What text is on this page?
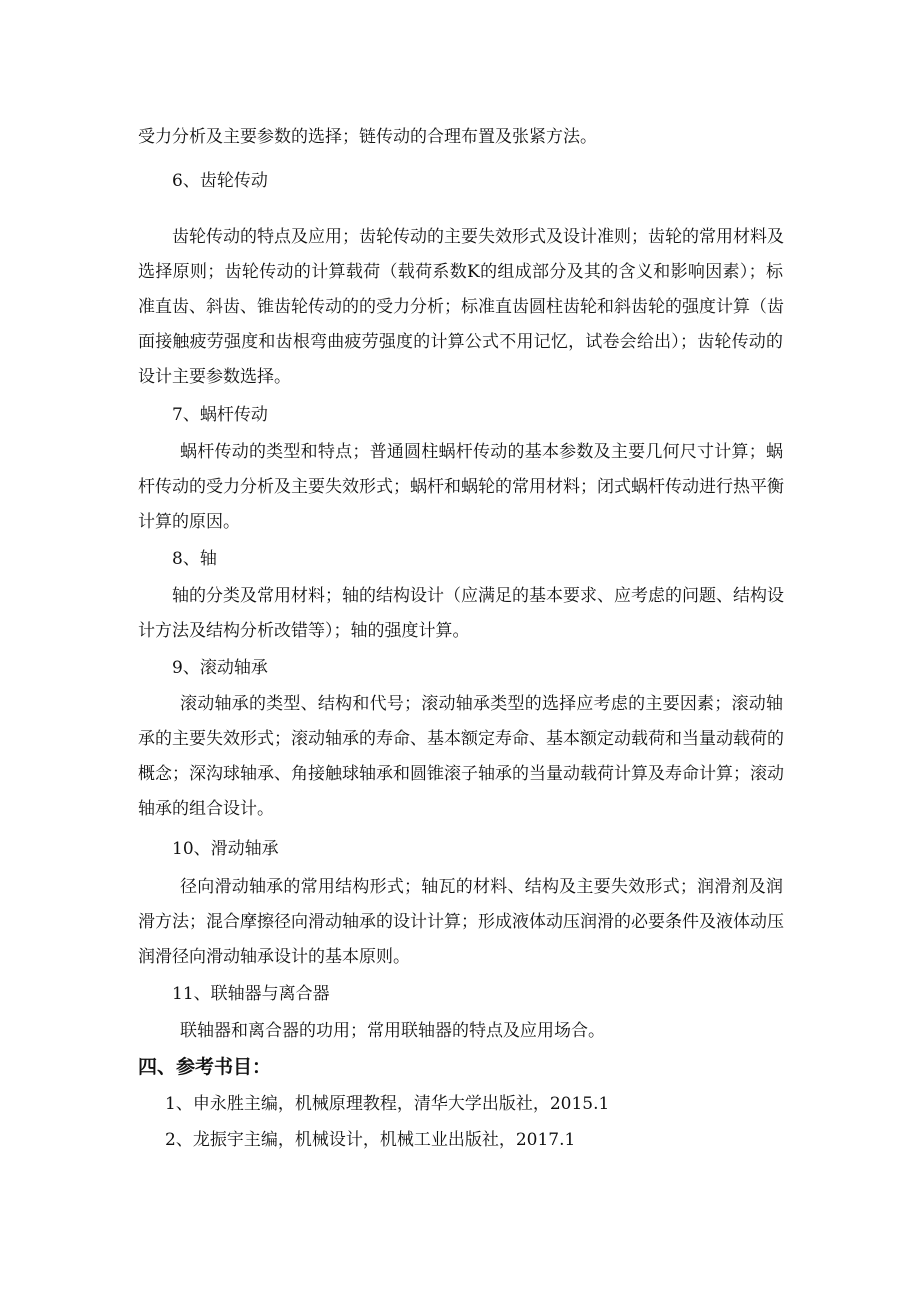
受力分析及主要参数的选择；链传动的合理布置及张紧方法。
6、齿轮传动
齿轮传动的特点及应用；齿轮传动的主要失效形式及设计准则；齿轮的常用材料及
选择原则；齿轮传动的计算载荷（载荷系数K的组成部分及其的含义和影响因素）；标
准直齿、斜齿、锥齿轮传动的的受力分析；标准直齿圆柱齿轮和斜齿轮的强度计算（齿
面接触疲劳强度和齿根弯曲疲劳强度的计算公式不用记忆，试卷会给出）；齿轮传动的
设计主要参数选择。
7、蜗杆传动
蜗杆传动的类型和特点；普通圆柱蜗杆传动的基本参数及主要几何尺寸计算；蜗
杆传动的受力分析及主要失效形式；蜗杆和蜗轮的常用材料；闭式蜗杆传动进行热平衡
计算的原因。
8、轴
轴的分类及常用材料；轴的结构设计（应满足的基本要求、应考虑的问题、结构设
计方法及结构分析改错等）；轴的强度计算。
9、滚动轴承
滚动轴承的类型、结构和代号；滚动轴承类型的选择应考虑的主要因素；滚动轴
承的主要失效形式；滚动轴承的寿命、基本额定寿命、基本额定动载荷和当量动载荷的
概念；深沟球轴承、角接触球轴承和圆锥滚子轴承的当量动载荷计算及寿命计算；滚动
轴承的组合设计。
10、滑动轴承
径向滑动轴承的常用结构形式；轴瓦的材料、结构及主要失效形式；润滑剂及润
滑方法；混合摩擦径向滑动轴承的设计计算；形成液体动压润滑的必要条件及液体动压
润滑径向滑动轴承设计的基本原则。
11、联轴器与离合器
联轴器和离合器的功用；常用联轴器的特点及应用场合。
四、参考书目：
1、申永胜主编，机械原理教程，清华大学出版社，2015.1
2、龙振宇主编，机械设计，机械工业出版社，2017.1
